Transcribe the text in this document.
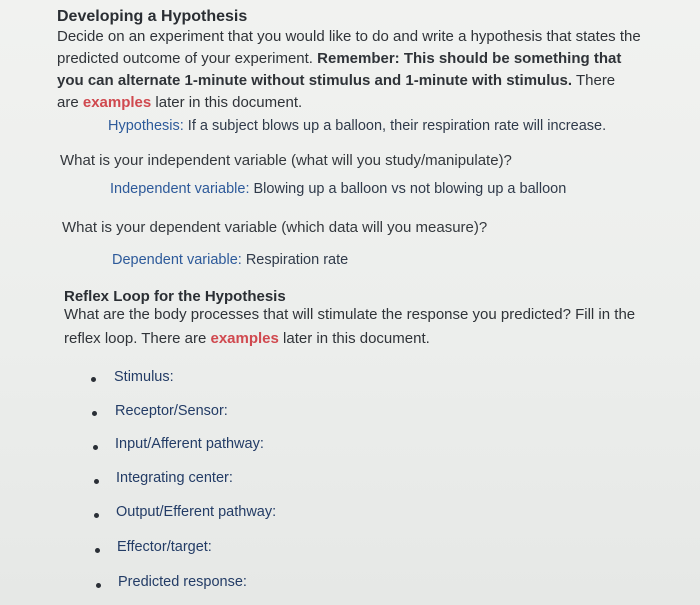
Developing a Hypothesis
Decide on an experiment that you would like to do and write a hypothesis that states the
predicted outcome of your experiment. Remember: This should be something that
you can alternate 1-minute without stimulus and 1-minute with stimulus. There
are examples later in this document.
Hypothesis: If a subject blows up a balloon, their respiration rate will increase.
What is your independent variable (what will you study/manipulate)?
Independent variable: Blowing up a balloon vs not blowing up a balloon
What is your dependent variable (which data will you measure)?
Dependent variable: Respiration rate
Reflex Loop for the Hypothesis
What are the body processes that will stimulate the response you predicted? Fill in the
reflex loop. There are examples later in this document.
Stimulus:
Receptor/Sensor:
Input/Afferent pathway:
Integrating center:
Output/Efferent pathway:
Effector/target:
Predicted response:
